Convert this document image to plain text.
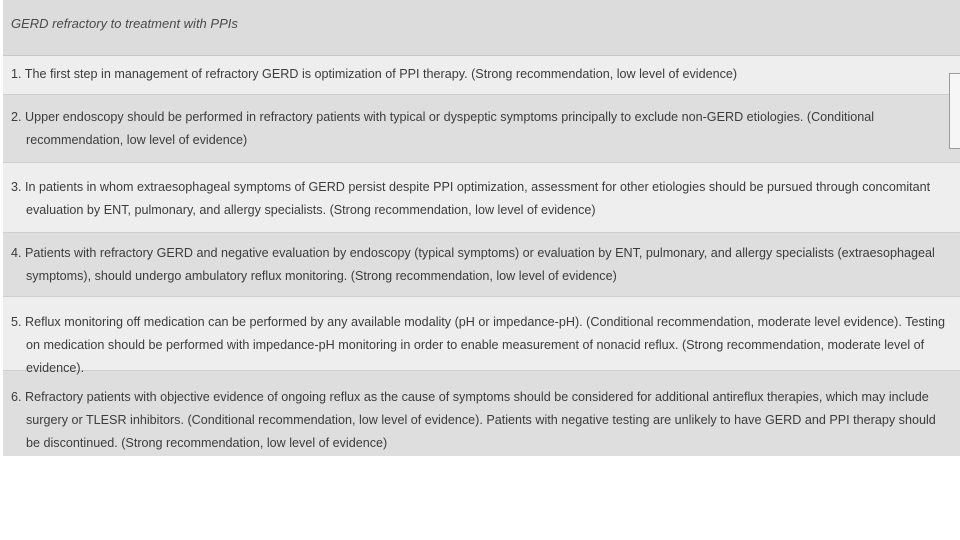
GERD refractory to treatment with PPIs
1. The first step in management of refractory GERD is optimization of PPI therapy. (Strong recommendation, low level of evidence)
2. Upper endoscopy should be performed in refractory patients with typical or dyspeptic symptoms principally to exclude non-GERD etiologies. (Conditional recommendation, low level of evidence)
3. In patients in whom extraesophageal symptoms of GERD persist despite PPI optimization, assessment for other etiologies should be pursued through concomitant evaluation by ENT, pulmonary, and allergy specialists. (Strong recommendation, low level of evidence)
4. Patients with refractory GERD and negative evaluation by endoscopy (typical symptoms) or evaluation by ENT, pulmonary, and allergy specialists (extraesophageal symptoms), should undergo ambulatory reflux monitoring. (Strong recommendation, low level of evidence)
5. Reflux monitoring off medication can be performed by any available modality (pH or impedance-pH). (Conditional recommendation, moderate level evidence). Testing on medication should be performed with impedance-pH monitoring in order to enable measurement of nonacid reflux. (Strong recommendation, moderate level of evidence).
6. Refractory patients with objective evidence of ongoing reflux as the cause of symptoms should be considered for additional antireflux therapies, which may include surgery or TLESR inhibitors. (Conditional recommendation, low level of evidence). Patients with negative testing are unlikely to have GERD and PPI therapy should be discontinued. (Strong recommendation, low level of evidence)
